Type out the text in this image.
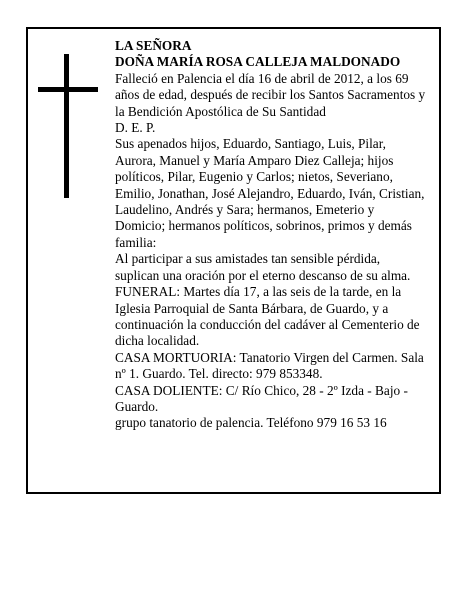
LA SEÑORA

DOÑA MARÍA ROSA CALLEJA MALDONADO

Falleció en Palencia el día 16 de abril de 2012, a los 69 años de edad, después de recibir los Santos Sacramentos y la Bendición Apostólica de Su Santidad

D. E. P.

Sus apenados hijos, Eduardo, Santiago, Luis, Pilar, Aurora, Manuel y María Amparo Diez Calleja; hijos políticos, Pilar, Eugenio y Carlos; nietos, Severiano, Emilio, Jonathan, José Alejandro, Eduardo, Iván, Cristian, Laudelino, Andrés y Sara; hermanos, Emeterio y Domicio; hermanos políticos, sobrinos, primos y demás familia:

Al participar a sus amistades tan sensible pérdida, suplican una oración por el eterno descanso de su alma.

FUNERAL: Martes día 17, a las seis de la tarde, en la Iglesia Parroquial de Santa Bárbara, de Guardo, y a continuación la conducción del cadáver al Cementerio de dicha localidad.

CASA MORTUORIA: Tanatorio Virgen del Carmen. Sala nº 1. Guardo. Tel. directo: 979 853348.

CASA DOLIENTE: C/ Río Chico, 28 - 2º Izda - Bajo - Guardo.

grupo tanatorio de palencia. Teléfono 979 16 53 16
